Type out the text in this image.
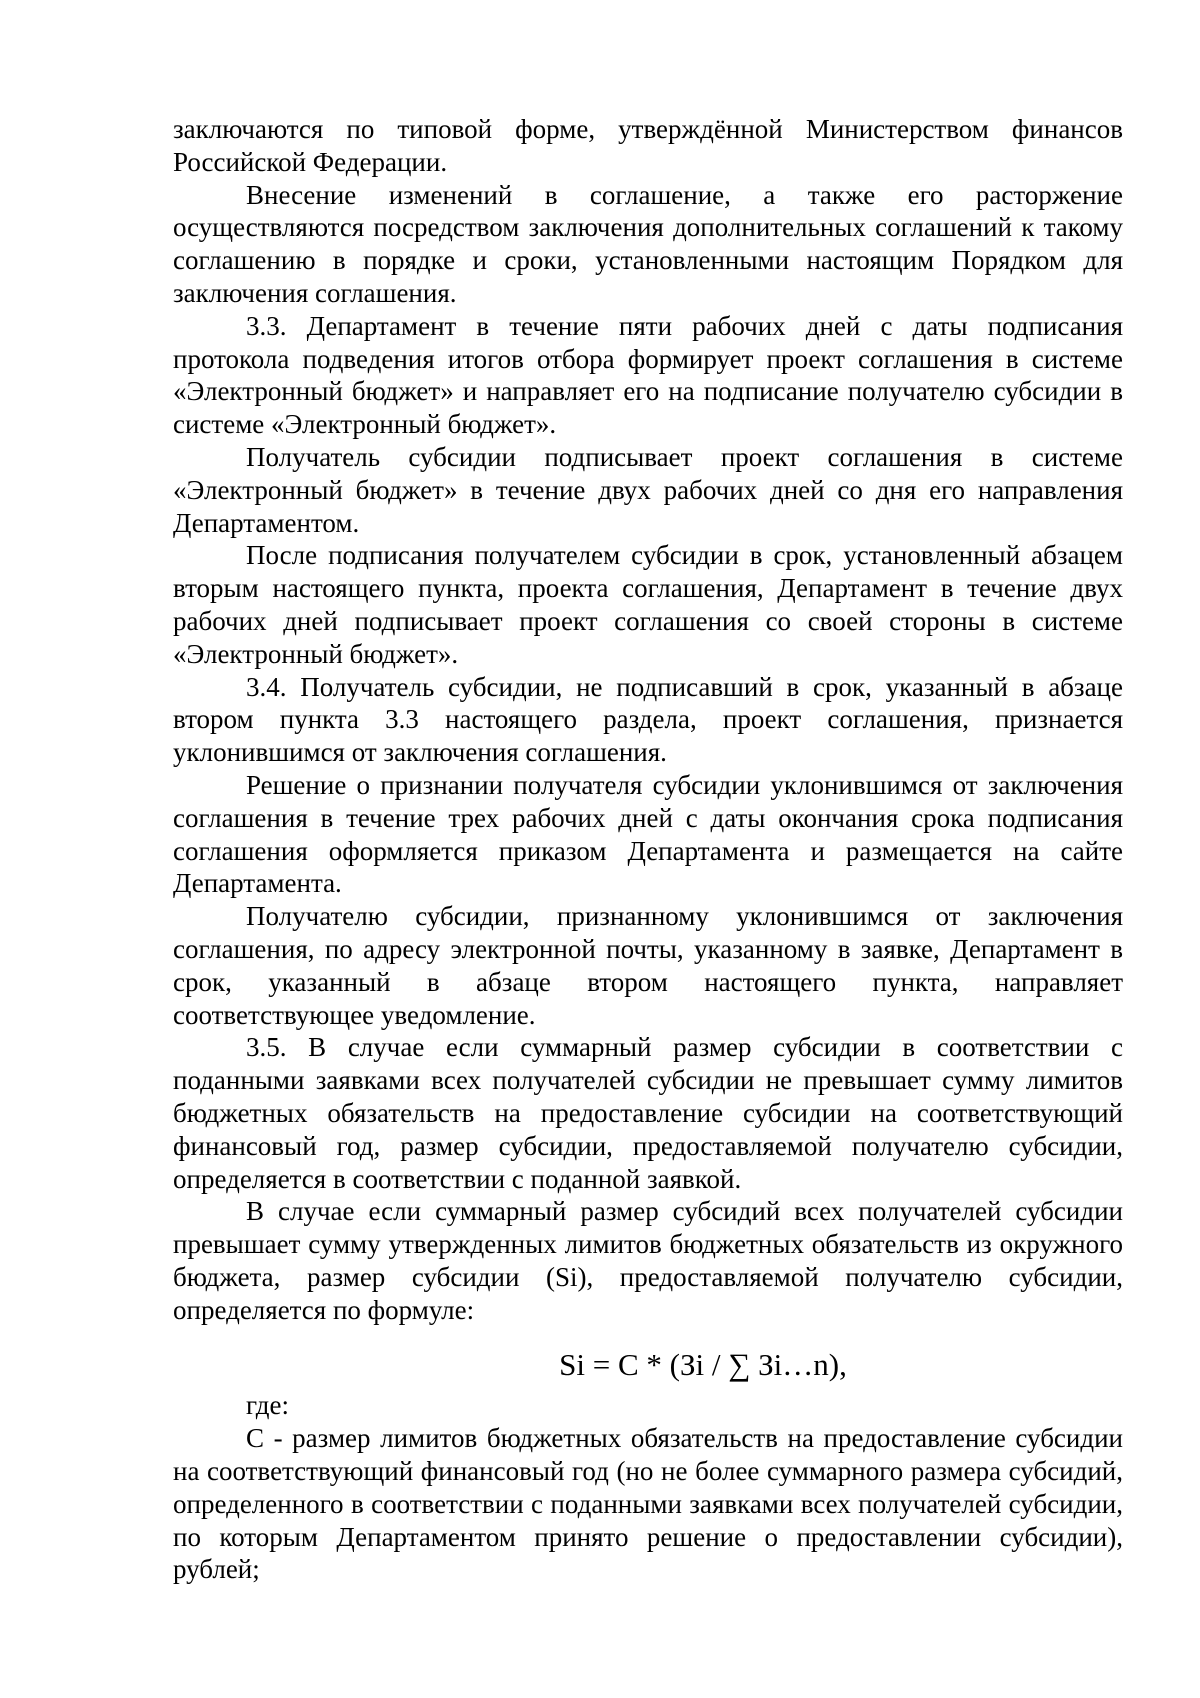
заключаются по типовой форме, утверждённой Министерством финансов Российской Федерации.

Внесение изменений в соглашение, а также его расторжение осуществляются посредством заключения дополнительных соглашений к такому соглашению в порядке и сроки, установленными настоящим Порядком для заключения соглашения.

3.3. Департамент в течение пяти рабочих дней с даты подписания протокола подведения итогов отбора формирует проект соглашения в системе «Электронный бюджет» и направляет его на подписание получателю субсидии в системе «Электронный бюджет».

Получатель субсидии подписывает проект соглашения в системе «Электронный бюджет» в течение двух рабочих дней со дня его направления Департаментом.

После подписания получателем субсидии в срок, установленный абзацем вторым настоящего пункта, проекта соглашения, Департамент в течение двух рабочих дней подписывает проект соглашения со своей стороны в системе «Электронный бюджет».

3.4. Получатель субсидии, не подписавший в срок, указанный в абзаце втором пункта 3.3 настоящего раздела, проект соглашения, признается уклонившимся от заключения соглашения.

Решение о признании получателя субсидии уклонившимся от заключения соглашения в течение трех рабочих дней с даты окончания срока подписания соглашения оформляется приказом Департамента и размещается на сайте Департамента.

Получателю субсидии, признанному уклонившимся от заключения соглашения, по адресу электронной почты, указанному в заявке, Департамент в срок, указанный в абзаце втором настоящего пункта, направляет соответствующее уведомление.

3.5. В случае если суммарный размер субсидии в соответствии с поданными заявками всех получателей субсидии не превышает сумму лимитов бюджетных обязательств на предоставление субсидии на соответствующий финансовый год, размер субсидии, предоставляемой получателю субсидии, определяется в соответствии с поданной заявкой.

В случае если суммарный размер субсидий всех получателей субсидии превышает сумму утвержденных лимитов бюджетных обязательств из окружного бюджета, размер субсидии (Si), предоставляемой получателю субсидии, определяется по формуле:

Si = C * (Зi / ∑ Зi…n),

где:

C - размер лимитов бюджетных обязательств на предоставление субсидии на соответствующий финансовый год (но не более суммарного размера субсидий, определенного в соответствии с поданными заявками всех получателей субсидии, по которым Департаментом принято решение о предоставлении субсидии), рублей;
